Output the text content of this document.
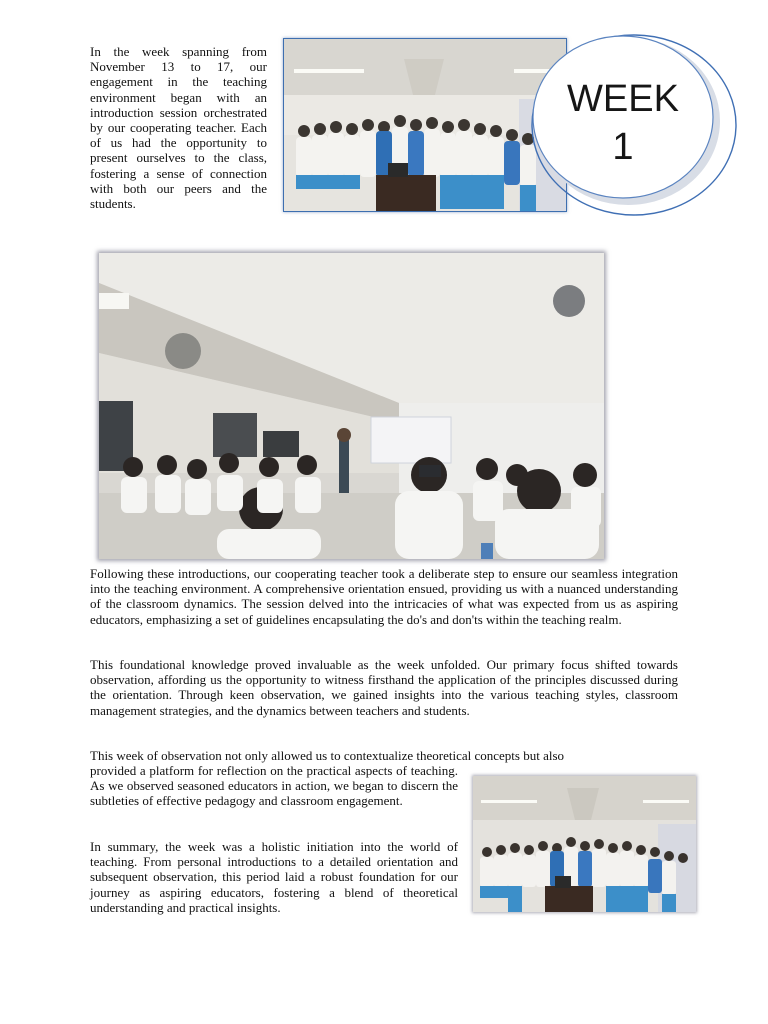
In the week spanning from November 13 to 17, our engagement in the teaching environment began with an introduction session orchestrated by our cooperating teacher. Each of us had the opportunity to present ourselves to the class, fostering a sense of connection with both our peers and the students.

WEEK
1

Following these introductions, our cooperating teacher took a deliberate step to ensure our seamless integration into the teaching environment. A comprehensive orientation ensued, providing us with a nuanced understanding of the classroom dynamics. The session delved into the intricacies of what was expected from us as aspiring educators, emphasizing a set of guidelines encapsulating the do's and don'ts within the teaching realm.

This foundational knowledge proved invaluable as the week unfolded. Our primary focus shifted towards observation, affording us the opportunity to witness firsthand the application of the principles discussed during the orientation. Through keen observation, we gained insights into the various teaching styles, classroom management strategies, and the dynamics between teachers and students.

This week of observation not only allowed us to contextualize theoretical concepts but also

provided a platform for reflection on the practical aspects of teaching. As we observed seasoned educators in action, we began to discern the subtleties of effective pedagogy and classroom engagement.

In summary, the week was a holistic initiation into the world of teaching. From personal introductions to a detailed orientation and subsequent observation, this period laid a robust foundation for our journey as aspiring educators, fostering a blend of theoretical understanding and practical insights.
